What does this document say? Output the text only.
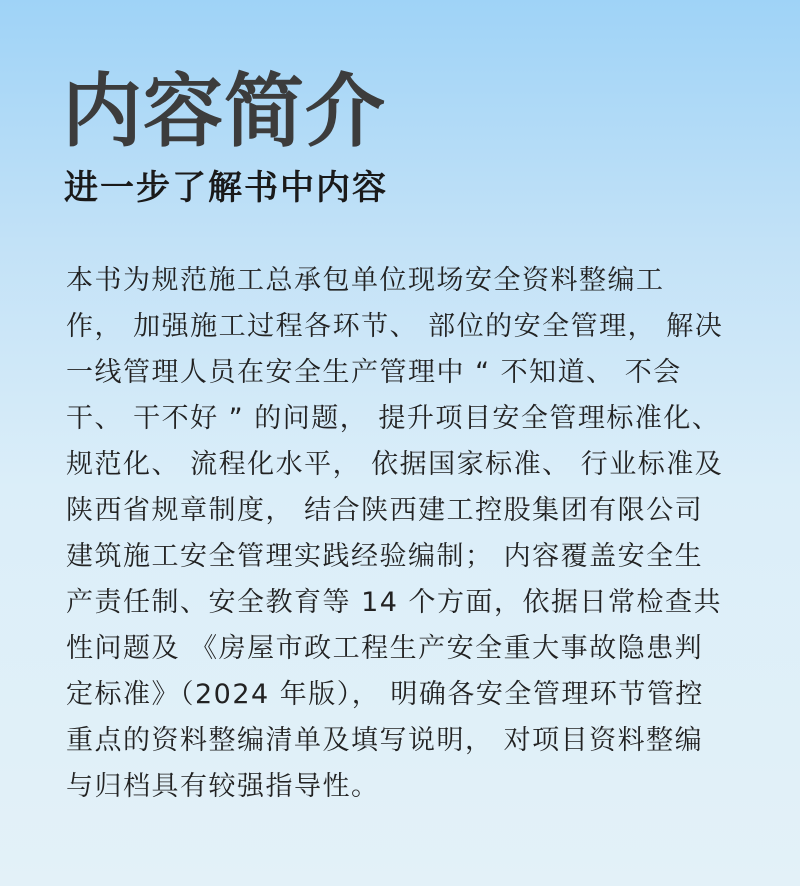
内容简介
进一步了解书中内容
本书为规范施工总承包单位现场安全资料整编工
作， 加强施工过程各环节、 部位的安全管理， 解决
一线管理人员在安全生产管理中 “ 不知道、 不会
干、 干不好 ” 的问题， 提升项目安全管理标准化、
规范化、 流程化水平， 依据国家标准、 行业标准及
陕西省规章制度， 结合陕西建工控股集团有限公司
建筑施工安全管理实践经验编制； 内容覆盖安全生
产责任制、安全教育等 14 个方面，依据日常检查共
性问题及 《房屋市政工程生产安全重大事故隐患判
定标准》（2024 年版）， 明确各安全管理环节管控
重点的资料整编清单及填写说明， 对项目资料整编
与归档具有较强指导性。
